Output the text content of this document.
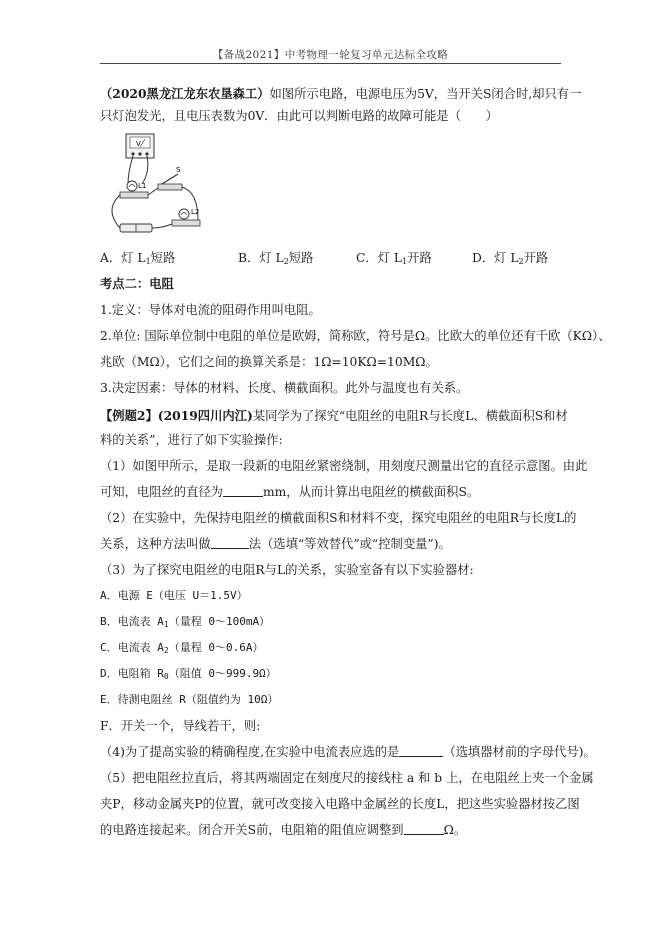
【备战2021】中考物理一轮复习单元达标全攻略
（2020黑龙江龙东农垦森工）如图所示电路，电源电压为5V，当开关S闭合时,却只有一
只灯泡发光，且电压表数为0V．由此可以判断电路的故障可能是（　　）
V
L1
S
L2
A．灯 $L_1$短路	B．灯 $L_2$短路	C．灯 $L_1$开路	D．灯 $L_2$开路
考点二：电阻
1.定义：导体对电流的阻碍作用叫电阻。
2.单位: 国际单位制中电阻的单位是欧姆，简称欧，符号是Ω。比欧大的单位还有千欧（KΩ）、
兆欧（MΩ），它们之间的换算关系是：1Ω=10KΩ=10MΩ。
3.决定因素：导体的材料、长度、横截面积。此外与温度也有关系。
【例题2】(2019四川内江)某同学为了探究“电阻丝的电阻R与长度L、横截面积S和材
料的关系”，进行了如下实验操作:
（1）如图甲所示，是取一段新的电阻丝紧密绕制，用刻度尺测量出它的直径示意图。由此
可知，电阻丝的直径为	mm，从而计算出电阻丝的横截面积S。
（2）在实验中，先保持电阻丝的横截面积S和材料不变，探究电阻丝的电阻R与长度L的
关系，这种方法叫做	法（选填“等效替代”或“控制变量”)。
（3）为了探究电阻丝的电阻R与L的关系，实验室备有以下实验器材:
A．电源 E（电压 U＝1.5V）
B．电流表 $A_1$（量程 0～100mA）
C．电流表 $A_2$（量程 0～0.6A）
D．电阻箱 $R_0$（阻值 0～999.9Ω）
E．待测电阻丝 R（阻值约为 10Ω）
F．开关一个，导线若干，则:
（4)为了提高实验的精确程度,在实验中电流表应选的是	（选填器材前的字母代号)。
（5）把电阻丝拉直后，将其两端固定在刻度尺的接线柱 a 和 b 上，在电阻丝上夹一个金属
夹P，移动金属夹P的位置，就可改变接入电路中金属丝的长度L，把这些实验器材按乙图
的电路连接起来。闭合开关S前，电阻箱的阻值应调整到	Ω。
